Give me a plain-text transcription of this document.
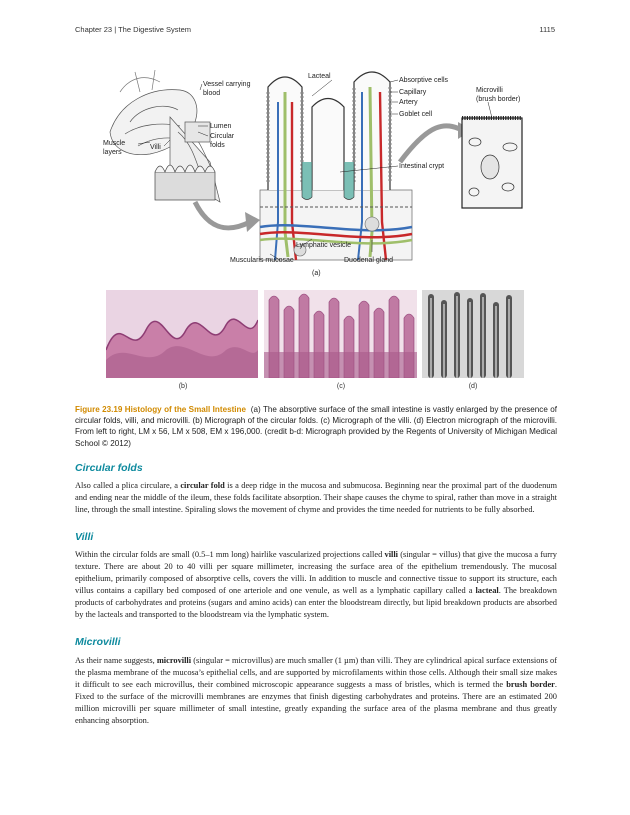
Chapter 23 | The Digestive System	1115
Vessel carrying
blood
Lumen
Circular
folds
Villi
Muscle
layers
Lacteal
Absorptive cells
Capillary
Artery
Goblet cell
Intestinal crypt
Lymphatic vesicle
Muscularis mucosae	Duodenal gland
Microvilli
(brush border)
(a)
(b)	(c)	(d)
Figure 23.19 Histology of the Small Intestine (a) The absorptive surface of the small intestine is vastly enlarged by the presence of circular folds, villi, and microvilli. (b) Micrograph of the circular folds. (c) Micrograph of the villi. (d) Electron micrograph of the microvilli. From left to right, LM x 56, LM x 508, EM x 196,000. (credit b-d: Micrograph provided by the Regents of University of Michigan Medical School © 2012)
Circular folds
Also called a plica circulare, a circular fold is a deep ridge in the mucosa and submucosa. Beginning near the proximal part of the duodenum and ending near the middle of the ileum, these folds facilitate absorption. Their shape causes the chyme to spiral, rather than move in a straight line, through the small intestine. Spiraling slows the movement of chyme and provides the time needed for nutrients to be fully absorbed.
Villi
Within the circular folds are small (0.5–1 mm long) hairlike vascularized projections called villi (singular = villus) that give the mucosa a furry texture. There are about 20 to 40 villi per square millimeter, increasing the surface area of the epithelium tremendously. The mucosal epithelium, primarily composed of absorptive cells, covers the villi. In addition to muscle and connective tissue to support its structure, each villus contains a capillary bed composed of one arteriole and one venule, as well as a lymphatic capillary called a lacteal. The breakdown products of carbohydrates and proteins (sugars and amino acids) can enter the bloodstream directly, but lipid breakdown products are absorbed by the lacteals and transported to the bloodstream via the lymphatic system.
Microvilli
As their name suggests, microvilli (singular = microvillus) are much smaller (1 µm) than villi. They are cylindrical apical surface extensions of the plasma membrane of the mucosa’s epithelial cells, and are supported by microfilaments within those cells. Although their small size makes it difficult to see each microvillus, their combined microscopic appearance suggests a mass of bristles, which is termed the brush border. Fixed to the surface of the microvilli membranes are enzymes that finish digesting carbohydrates and proteins. There are an estimated 200 million microvilli per square millimeter of small intestine, greatly expanding the surface area of the plasma membrane and thus greatly enhancing absorption.
